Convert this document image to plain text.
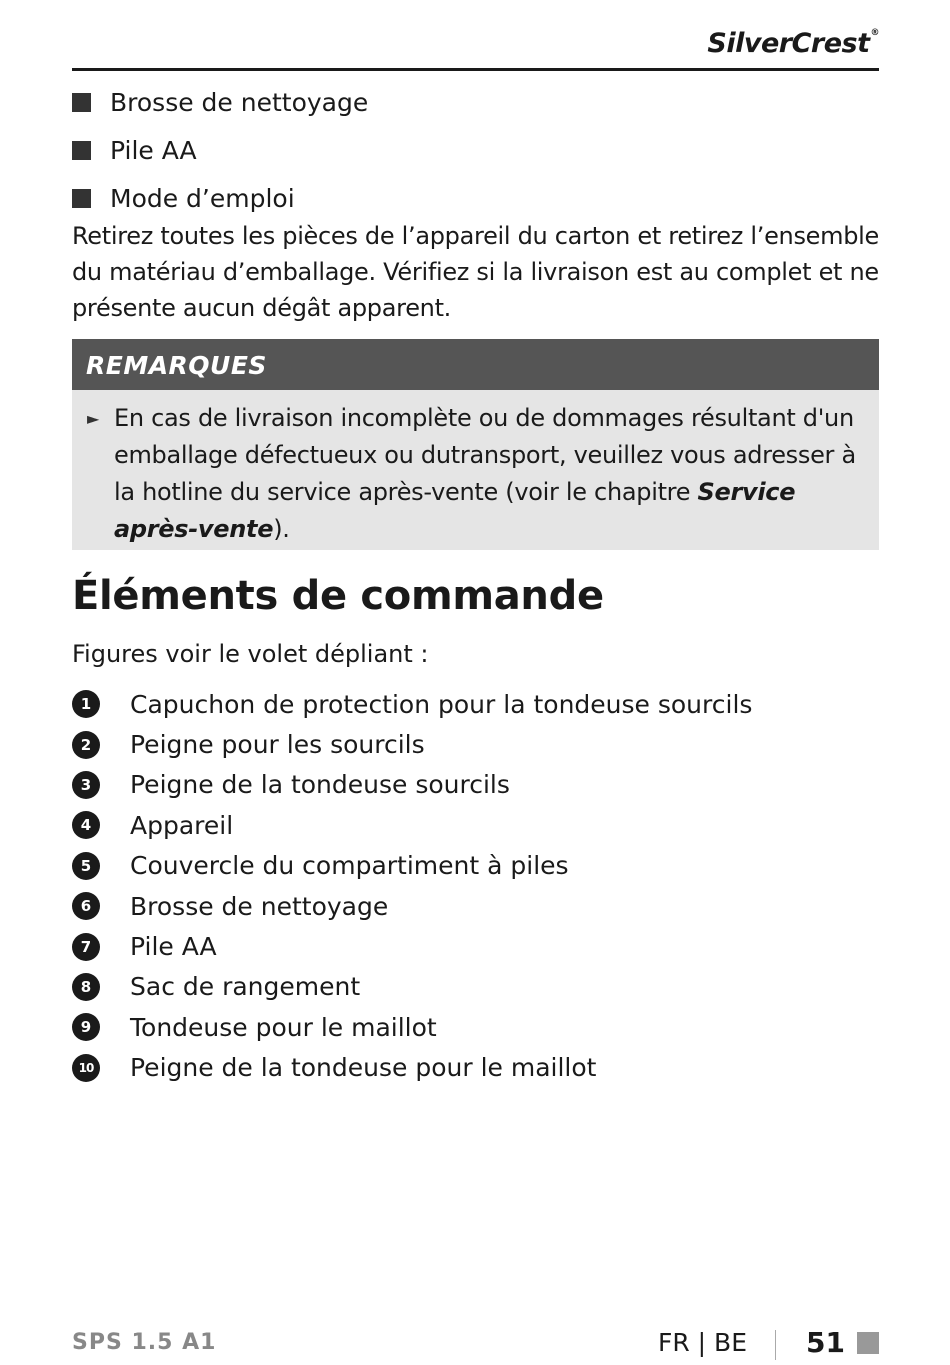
SilverCrest®
Brosse de nettoyage
Pile AA
Mode d’emploi

Retirez toutes les pièces de l’appareil du carton et retirez l’ensemble du matériau d’emballage. Vérifiez si la livraison est au complet et ne présente aucun dégât apparent.

REMARQUES
► En cas de livraison incomplète ou de dommages résultant d'un emballage défectueux ou dutransport, veuillez vous adresser à la hotline du service après-vente (voir le chapitre Service après-vente).
Éléments de commande

Figures voir le volet dépliant :

1	Capuchon de protection pour la tondeuse sourcils
2	Peigne pour les sourcils
3	Peigne de la tondeuse sourcils
4	Appareil
5	Couvercle du compartiment à piles
6	Brosse de nettoyage
7	Pile AA
8	Sac de rangement
9	Tondeuse pour le maillot
10 Peigne de la tondeuse pour le maillot
SPS 1.5 A1	FR | BE 51
